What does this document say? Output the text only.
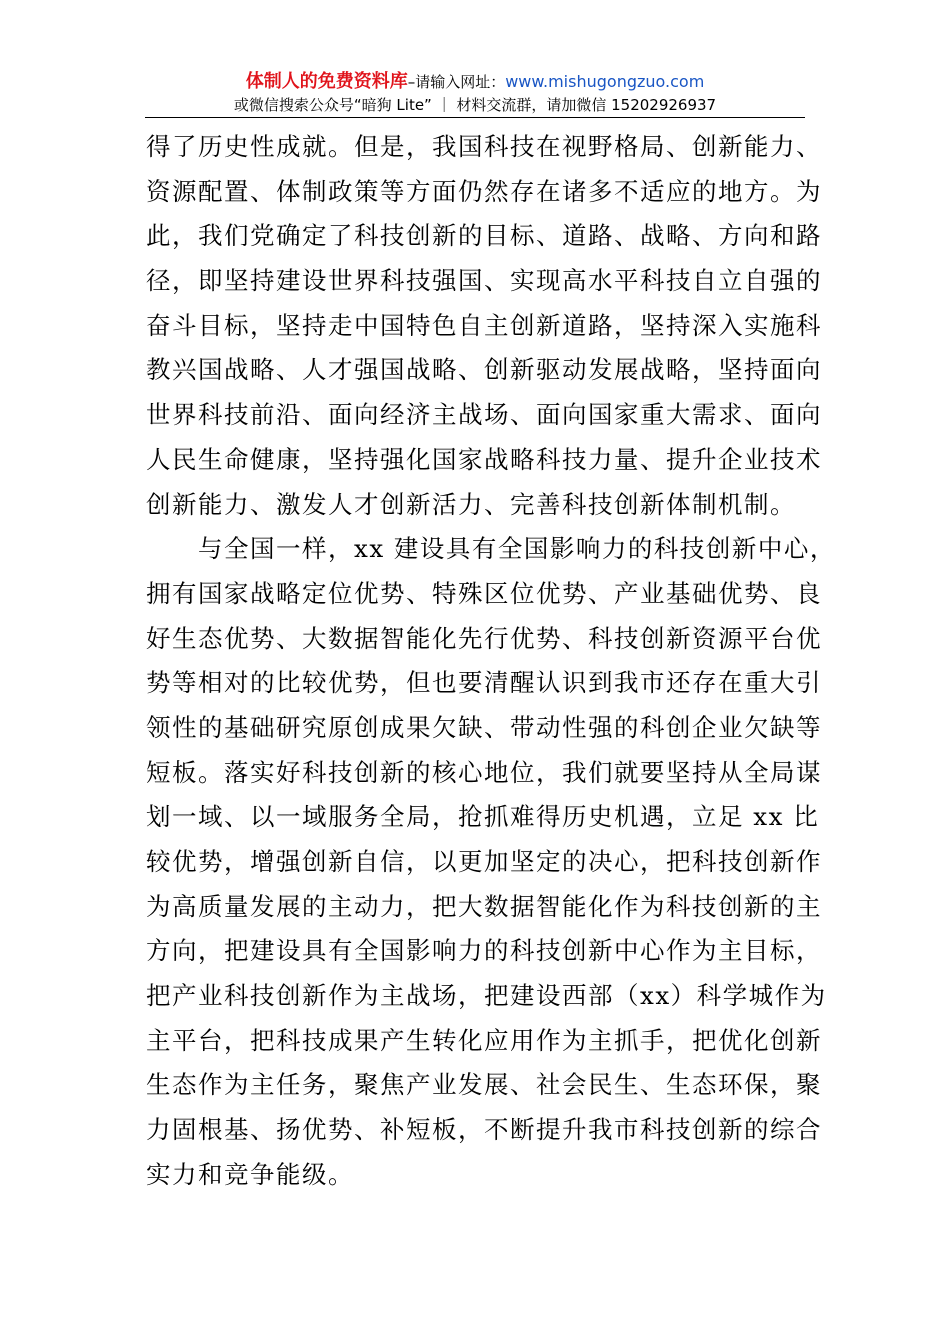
体制人的免费资料库–请输入网址：www.mishugongzuo.com
或微信搜索公众号“暗狗 Lite” ｜ 材料交流群，请加微信 15202926937

得了历史性成就。但是，我国科技在视野格局、创新能力、
资源配置、体制政策等方面仍然存在诸多不适应的地方。为
此，我们党确定了科技创新的目标、道路、战略、方向和路
径，即坚持建设世界科技强国、实现高水平科技自立自强的
奋斗目标，坚持走中国特色自主创新道路，坚持深入实施科
教兴国战略、人才强国战略、创新驱动发展战略，坚持面向
世界科技前沿、面向经济主战场、面向国家重大需求、面向
人民生命健康，坚持强化国家战略科技力量、提升企业技术
创新能力、激发人才创新活力、完善科技创新体制机制。

与全国一样，xx 建设具有全国影响力的科技创新中心，
拥有国家战略定位优势、特殊区位优势、产业基础优势、良
好生态优势、大数据智能化先行优势、科技创新资源平台优
势等相对的比较优势，但也要清醒认识到我市还存在重大引
领性的基础研究原创成果欠缺、带动性强的科创企业欠缺等
短板。落实好科技创新的核心地位，我们就要坚持从全局谋
划一域、以一域服务全局，抢抓难得历史机遇，立足 xx 比
较优势，增强创新自信，以更加坚定的决心，把科技创新作
为高质量发展的主动力，把大数据智能化作为科技创新的主
方向，把建设具有全国影响力的科技创新中心作为主目标，
把产业科技创新作为主战场，把建设西部（xx）科学城作为
主平台，把科技成果产生转化应用作为主抓手，把优化创新
生态作为主任务，聚焦产业发展、社会民生、生态环保，聚
力固根基、扬优势、补短板，不断提升我市科技创新的综合
实力和竞争能级。
